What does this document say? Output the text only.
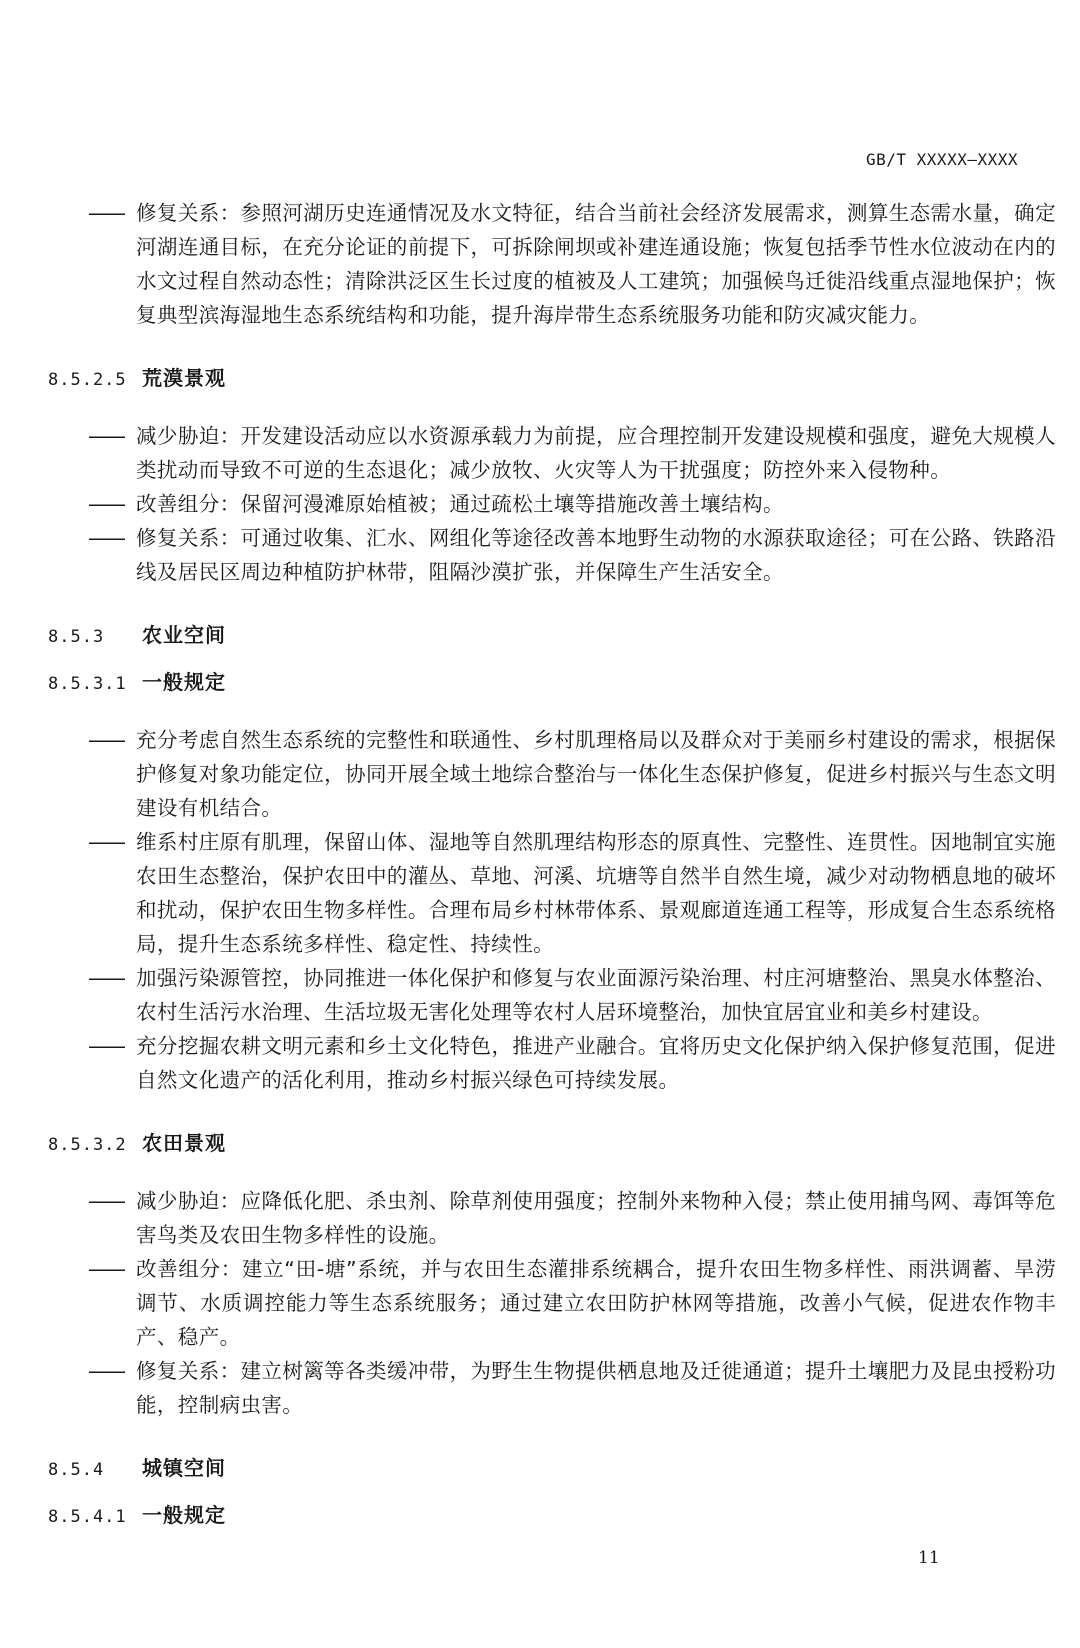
GB/T XXXXX—XXXX
—— 修复关系：参照河湖历史连通情况及水文特征，结合当前社会经济发展需求，测算生态需水量，确定河湖连通目标，在充分论证的前提下，可拆除闸坝或补建连通设施；恢复包括季节性水位波动在内的水文过程自然动态性；清除洪泛区生长过度的植被及人工建筑；加强候鸟迁徙沿线重点湿地保护；恢复典型滨海湿地生态系统结构和功能，提升海岸带生态系统服务功能和防灾减灾能力。
8.5.2.5 荒漠景观
—— 减少胁迫：开发建设活动应以水资源承载力为前提，应合理控制开发建设规模和强度，避免大规模人类扰动而导致不可逆的生态退化；减少放牧、火灾等人为干扰强度；防控外来入侵物种。
—— 改善组分：保留河漫滩原始植被；通过疏松土壤等措施改善土壤结构。
—— 修复关系：可通过收集、汇水、网组化等途径改善本地野生动物的水源获取途径；可在公路、铁路沿线及居民区周边种植防护林带，阻隔沙漠扩张，并保障生产生活安全。
8.5.3 农业空间
8.5.3.1 一般规定
—— 充分考虑自然生态系统的完整性和联通性、乡村肌理格局以及群众对于美丽乡村建设的需求，根据保护修复对象功能定位，协同开展全域土地综合整治与一体化生态保护修复，促进乡村振兴与生态文明建设有机结合。
—— 维系村庄原有肌理，保留山体、湿地等自然肌理结构形态的原真性、完整性、连贯性。因地制宜实施农田生态整治，保护农田中的灌丛、草地、河溪、坑塘等自然半自然生境，减少对动物栖息地的破坏和扰动，保护农田生物多样性。合理布局乡村林带体系、景观廊道连通工程等，形成复合生态系统格局，提升生态系统多样性、稳定性、持续性。
—— 加强污染源管控，协同推进一体化保护和修复与农业面源污染治理、村庄河塘整治、黑臭水体整治、农村生活污水治理、生活垃圾无害化处理等农村人居环境整治，加快宜居宜业和美乡村建设。
—— 充分挖掘农耕文明元素和乡土文化特色，推进产业融合。宜将历史文化保护纳入保护修复范围，促进自然文化遗产的活化利用，推动乡村振兴绿色可持续发展。
8.5.3.2 农田景观
—— 减少胁迫：应降低化肥、杀虫剂、除草剂使用强度；控制外来物种入侵；禁止使用捕鸟网、毒饵等危害鸟类及农田生物多样性的设施。
—— 改善组分：建立“田-塘”系统，并与农田生态灌排系统耦合，提升农田生物多样性、雨洪调蓄、旱涝调节、水质调控能力等生态系统服务；通过建立农田防护林网等措施，改善小气候，促进农作物丰产、稳产。
—— 修复关系：建立树篱等各类缓冲带，为野生生物提供栖息地及迁徙通道；提升土壤肥力及昆虫授粉功能，控制病虫害。
8.5.4 城镇空间
8.5.4.1 一般规定
11
